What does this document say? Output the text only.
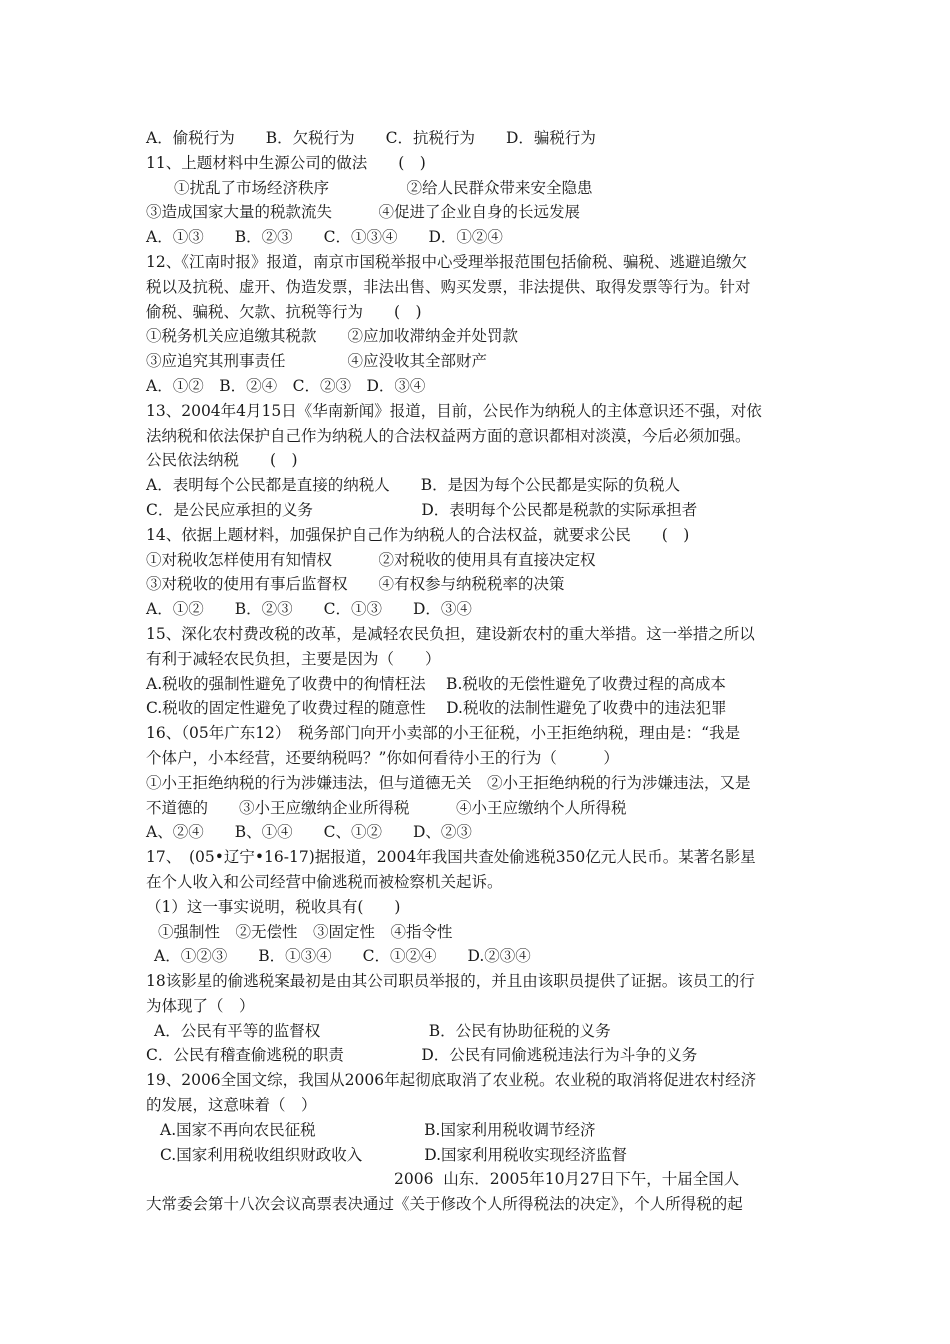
A．偷税行为　　B．欠税行为　　C．抗税行为　　D．骗税行为
11、上题材料中生源公司的做法　　(　)
①扰乱了市场经济秩序　　　　　②给人民群众带来安全隐患
③造成国家大量的税款流失　　　④促进了企业自身的长远发展
A．①③　　B．②③　　C．①③④　　D．①②④
12、《江南时报》报道，南京市国税举报中心受理举报范围包括偷税、骗税、逃避追缴欠
税以及抗税、虚开、伪造发票，非法出售、购买发票，非法提供、取得发票等行为。针对
偷税、骗税、欠款、抗税等行为　　(　)
①税务机关应追缴其税款　　②应加收滞纳金并处罚款
③应追究其刑事责任　　　　④应没收其全部财产
A．①②　B．②④　C．②③　D．③④
13、2004年4月15日《华南新闻》报道，目前，公民作为纳税人的主体意识还不强，对依
法纳税和依法保护自己作为纳税人的合法权益两方面的意识都相对淡漠，今后必须加强。
公民依法纳税　　(　)
A．表明每个公民都是直接的纳税人　　B．是因为每个公民都是实际的负税人
C．是公民应承担的义务　　　　　　　D．表明每个公民都是税款的实际承担者
14、依据上题材料，加强保护自己作为纳税人的合法权益，就要求公民　　(　)
①对税收怎样使用有知情权　　　②对税收的使用具有直接决定权
③对税收的使用有事后监督权　　④有权参与纳税税率的决策
A．①②　　B．②③　　C．①③　　D．③④
15、深化农村费改税的改革，是减轻农民负担，建设新农村的重大举措。这一举措之所以
有利于减轻农民负担，主要是因为（　　）
A.税收的强制性避免了收费中的徇情枉法　 B.税收的无偿性避免了收费过程的高成本
C.税收的固定性避免了收费过程的随意性　 D.税收的法制性避免了收费中的违法犯罪
16、（05年广东12）　税务部门向开小卖部的小王征税，小王拒绝纳税，理由是：“我是
个体户，小本经营，还要纳税吗？”你如何看待小王的行为（　　　）
①小王拒绝纳税的行为涉嫌违法，但与道德无关　②小王拒绝纳税的行为涉嫌违法，又是
不道德的　　③小王应缴纳企业所得税　　　④小王应缴纳个人所得税
A、②④　　B、①④　　C、①②　　D、②③
17、　(05•辽宁•16-17)据报道，2004年我国共查处偷逃税350亿元人民币。某著名影星
在个人收入和公司经营中偷逃税而被检察机关起诉。
（1）这一事实说明，税收具有(　　)
①强制性　②无偿性　③固定性　④指令性
A．①②③　　B．①③④　　C．①②④　　D.②③④
18该影星的偷逃税案最初是由其公司职员举报的，并且由该职员提供了证据。该员工的行
为体现了（　）
A．公民有平等的监督权　　　　　　　B．公民有协助征税的义务
C．公民有稽查偷逃税的职责　　　　　D．公民有同偷逃税违法行为斗争的义务
19、2006全国文综，我国从2006年起彻底取消了农业税。农业税的取消将促进农村经济
的发展，这意味着（　）
A.国家不再向农民征税　　　　　　　B.国家利用税收调节经济
C.国家利用税收组织财政收入　　　　D.国家利用税收实现经济监督
2006  山东．2005年10月27日下午，十届全国人
大常委会第十八次会议高票表决通过《关于修改个人所得税法的决定》，个人所得税的起
